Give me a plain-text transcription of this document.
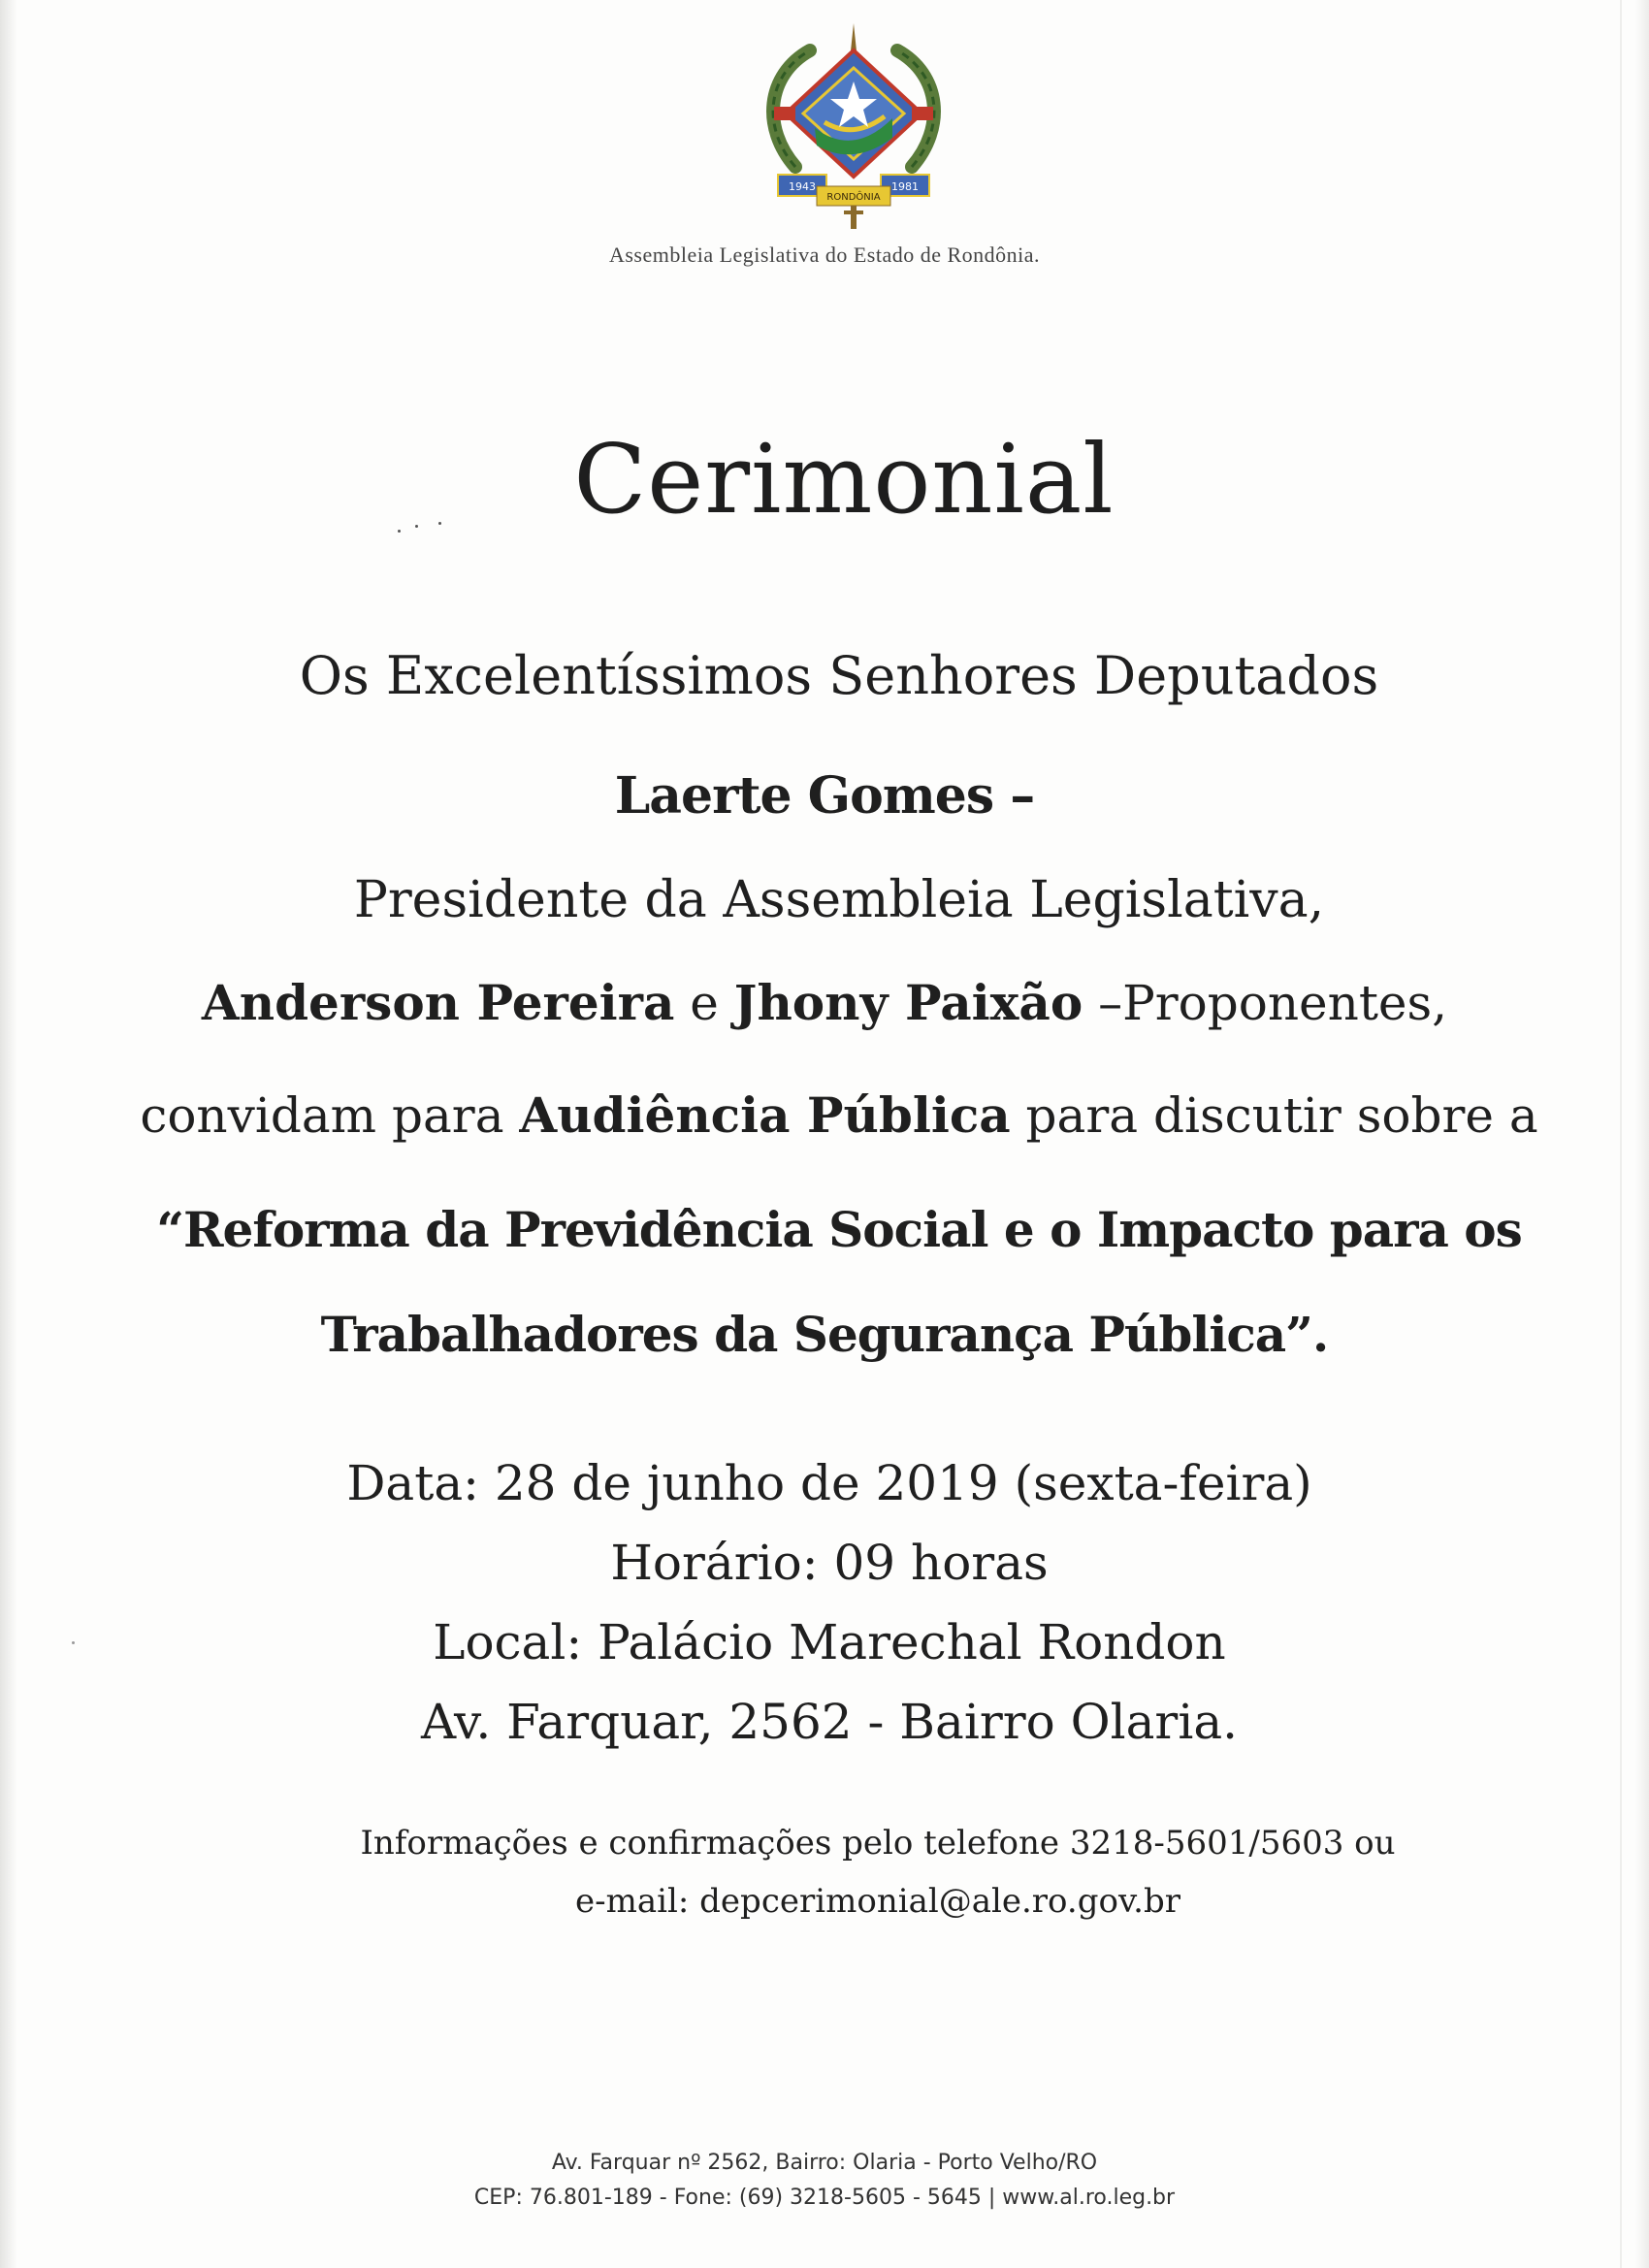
1943	1981
RONDÔNIA
Assembleia Legislativa do Estado de Rondônia.
Cerimonial
Os Excelentíssimos Senhores Deputados
Laerte Gomes –
Presidente da Assembleia Legislativa,
Anderson Pereira e Jhony Paixão –Proponentes,
convidam para Audiência Pública para discutir sobre a
“Reforma da Previdência Social e o Impacto para os
Trabalhadores da Segurança Pública”.
Data: 28 de junho de 2019 (sexta-feira)
Horário: 09 horas
Local: Palácio Marechal Rondon
Av. Farquar, 2562 - Bairro Olaria.
Informações e confirmações pelo telefone 3218-5601/5603 ou
e-mail: depcerimonial@ale.ro.gov.br
Av. Farquar nº 2562, Bairro: Olaria - Porto Velho/RO
CEP: 76.801-189 - Fone: (69) 3218-5605 - 5645 | www.al.ro.leg.br
